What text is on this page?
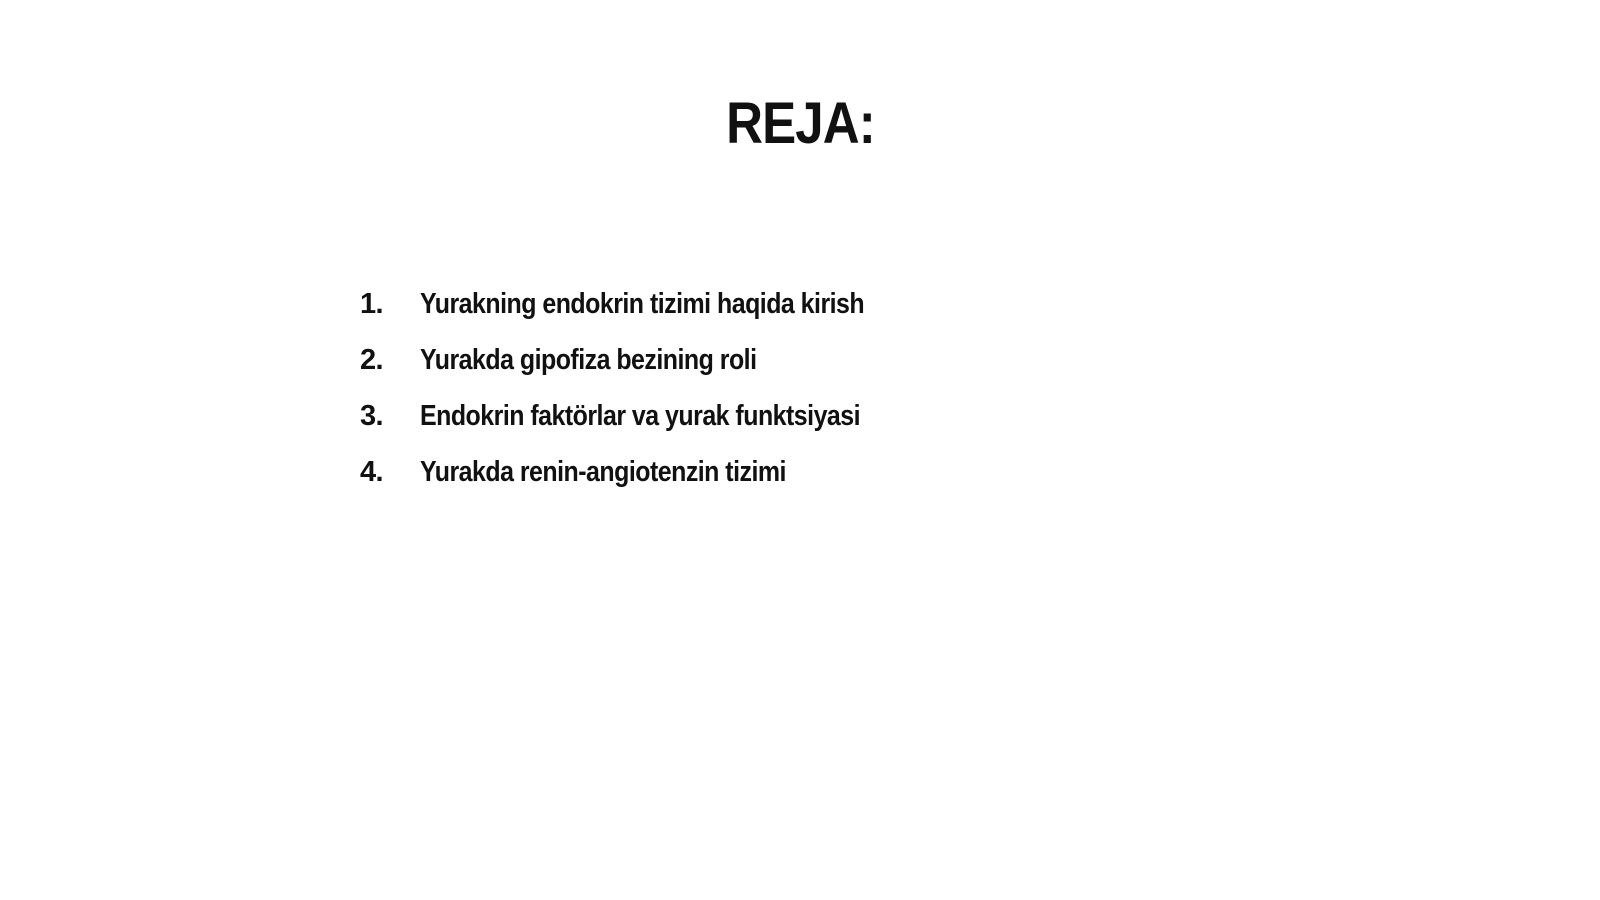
REJA:
1.	Yurakning endokrin tizimi haqida kirish
2.	Yurakda gipofiza bezining roli
3.	Endokrin faktörlar va yurak funktsiyasi
4.	Yurakda renin-angiotenzin tizimi
